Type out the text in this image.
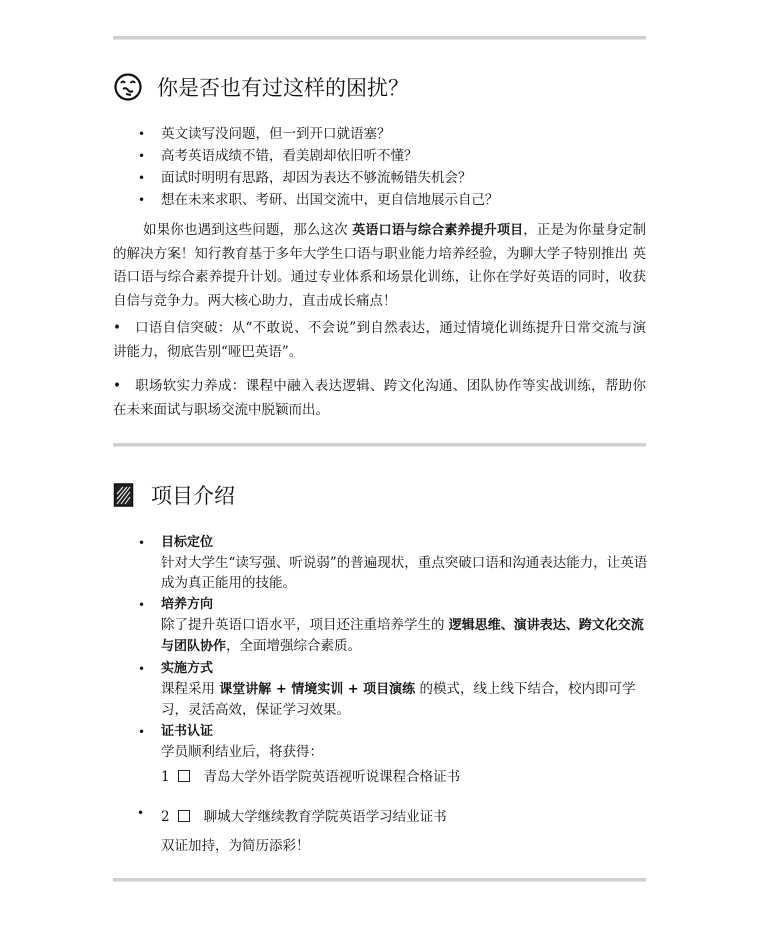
你是否也有过这样的困扰？
• 英文读写没问题，但一到开口就语塞？
• 高考英语成绩不错，看美剧却依旧听不懂？
• 面试时明明有思路，却因为表达不够流畅错失机会？
• 想在未来求职、考研、出国交流中，更自信地展示自己？

如果你也遇到这些问题，那么这次 英语口语与综合素养提升项目，正是为你量身定制的解决方案！知行教育基于多年大学生口语与职业能力培养经验，为聊大学子特别推出 英语口语与综合素养提升计划。通过专业体系和场景化训练，让你在学好英语的同时，收获自信与竞争力。两大核心助力，直击成长痛点！

•　口语自信突破：从“不敢说、不会说”到自然表达，通过情境化训练提升日常交流与演讲能力，彻底告别“哑巴英语”。

•　职场软实力养成：课程中融入表达逻辑、跨文化沟通、团队协作等实战训练，帮助你在未来面试与职场交流中脱颖而出。

项目介绍
• 目标定位
针对大学生“读写强、听说弱”的普遍现状，重点突破口语和沟通表达能力，让英语成为真正能用的技能。
• 培养方向
除了提升英语口语水平，项目还注重培养学生的 逻辑思维、演讲表达、跨文化交流与团队协作，全面增强综合素质。
• 实施方式
课程采用 课堂讲解 + 情境实训 + 项目演练 的模式，线上线下结合，校内即可学习，灵活高效，保证学习效果。
• 证书认证
学员顺利结业后，将获得：
1	青岛大学外语学院英语视听说课程合格证书
• 2	聊城大学继续教育学院英语学习结业证书
双证加持，为简历添彩！
